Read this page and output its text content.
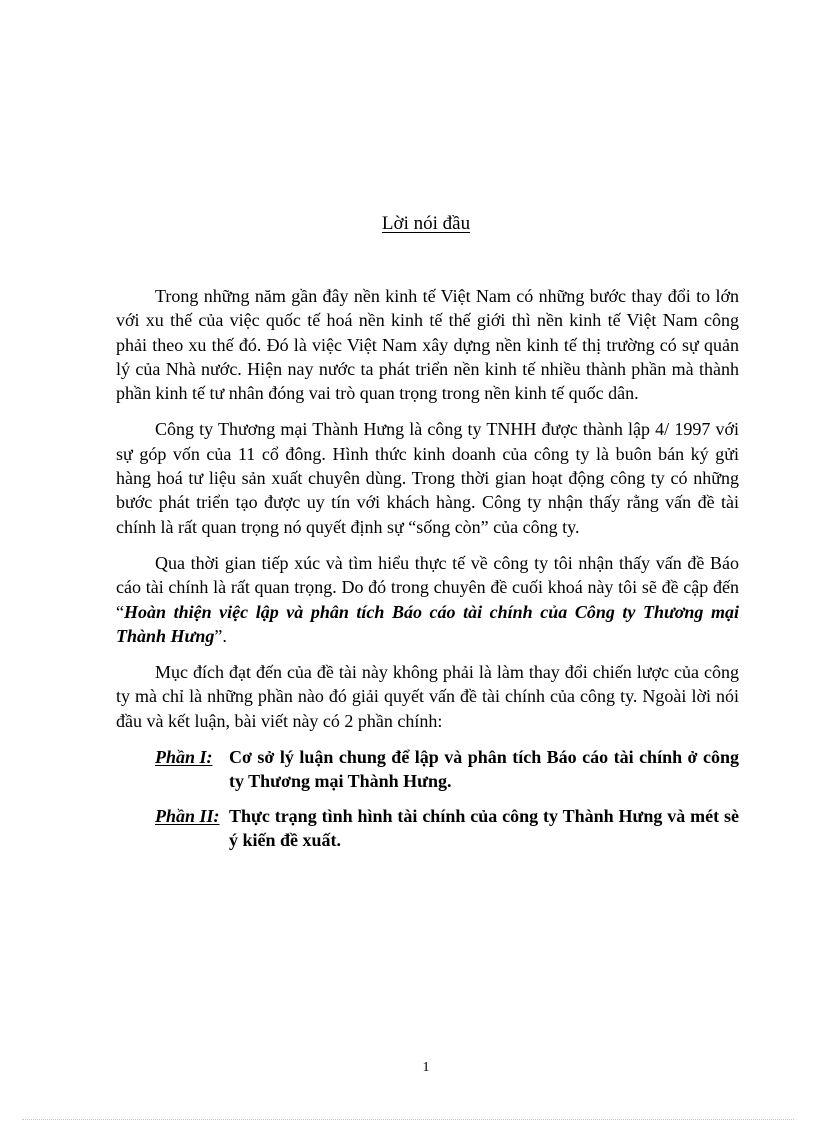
Lời nói đầu

Trong những năm gần đây nền kinh tế Việt Nam có những bước thay đổi to lớn với xu thế của việc quốc tế hoá nền kinh tế thế giới thì nền kinh tế Việt Nam công phải theo xu thế đó. Đó là việc Việt Nam xây dựng nền kinh tế thị trường có sự quản lý của Nhà nước. Hiện nay nước ta phát triển nền kinh tế nhiều thành phần mà thành phần kinh tế tư nhân đóng vai trò quan trọng trong nền kinh tế quốc dân.

Công ty Thương mại Thành Hưng là công ty TNHH được thành lập 4/ 1997 với sự góp vốn của 11 cổ đông. Hình thức kinh doanh của công ty là buôn bán ký gửi hàng hoá tư liệu sản xuất chuyên dùng. Trong thời gian hoạt động công ty có những bước phát triển tạo được uy tín với khách hàng. Công ty nhận thấy rằng vấn đề tài chính là rất quan trọng nó quyết định sự “sống còn” của công ty.

Qua thời gian tiếp xúc và tìm hiểu thực tế về công ty tôi nhận thấy vấn đề Báo cáo tài chính là rất quan trọng. Do đó trong chuyên đề cuối khoá này tôi sẽ đề cập đến “Hoàn thiện việc lập và phân tích Báo cáo tài chính của Công ty Thương mại Thành Hưng”.

Mục đích đạt đến của đề tài này không phải là làm thay đổi chiến lược của công ty mà chỉ là những phần nào đó giải quyết vấn đề tài chính của công ty. Ngoài lời nói đầu và kết luận, bài viết này có 2 phần chính:

Phần I: Cơ sở lý luận chung để lập và phân tích Báo cáo tài chính ở công ty Thương mại Thành Hưng.
Phần II: Thực trạng tình hình tài chính của công ty Thành Hưng và mét sè ý kiến đề xuất.
1
